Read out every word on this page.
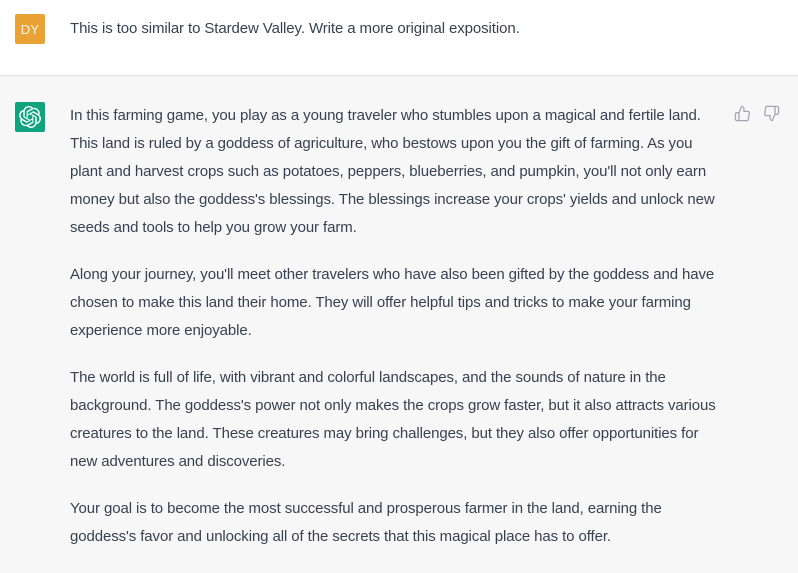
DY	This is too similar to Stardew Valley. Write a more original exposition.

In this farming game, you play as a young traveler who stumbles upon a magical and fertile land. This land is ruled by a goddess of agriculture, who bestows upon you the gift of farming. As you plant and harvest crops such as potatoes, peppers, blueberries, and pumpkin, you'll not only earn money but also the goddess's blessings. The blessings increase your crops' yields and unlock new seeds and tools to help you grow your farm.

Along your journey, you'll meet other travelers who have also been gifted by the goddess and have chosen to make this land their home. They will offer helpful tips and tricks to make your farming experience more enjoyable.

The world is full of life, with vibrant and colorful landscapes, and the sounds of nature in the background. The goddess's power not only makes the crops grow faster, but it also attracts various creatures to the land. These creatures may bring challenges, but they also offer opportunities for new adventures and discoveries.

Your goal is to become the most successful and prosperous farmer in the land, earning the goddess's favor and unlocking all of the secrets that this magical place has to offer.
